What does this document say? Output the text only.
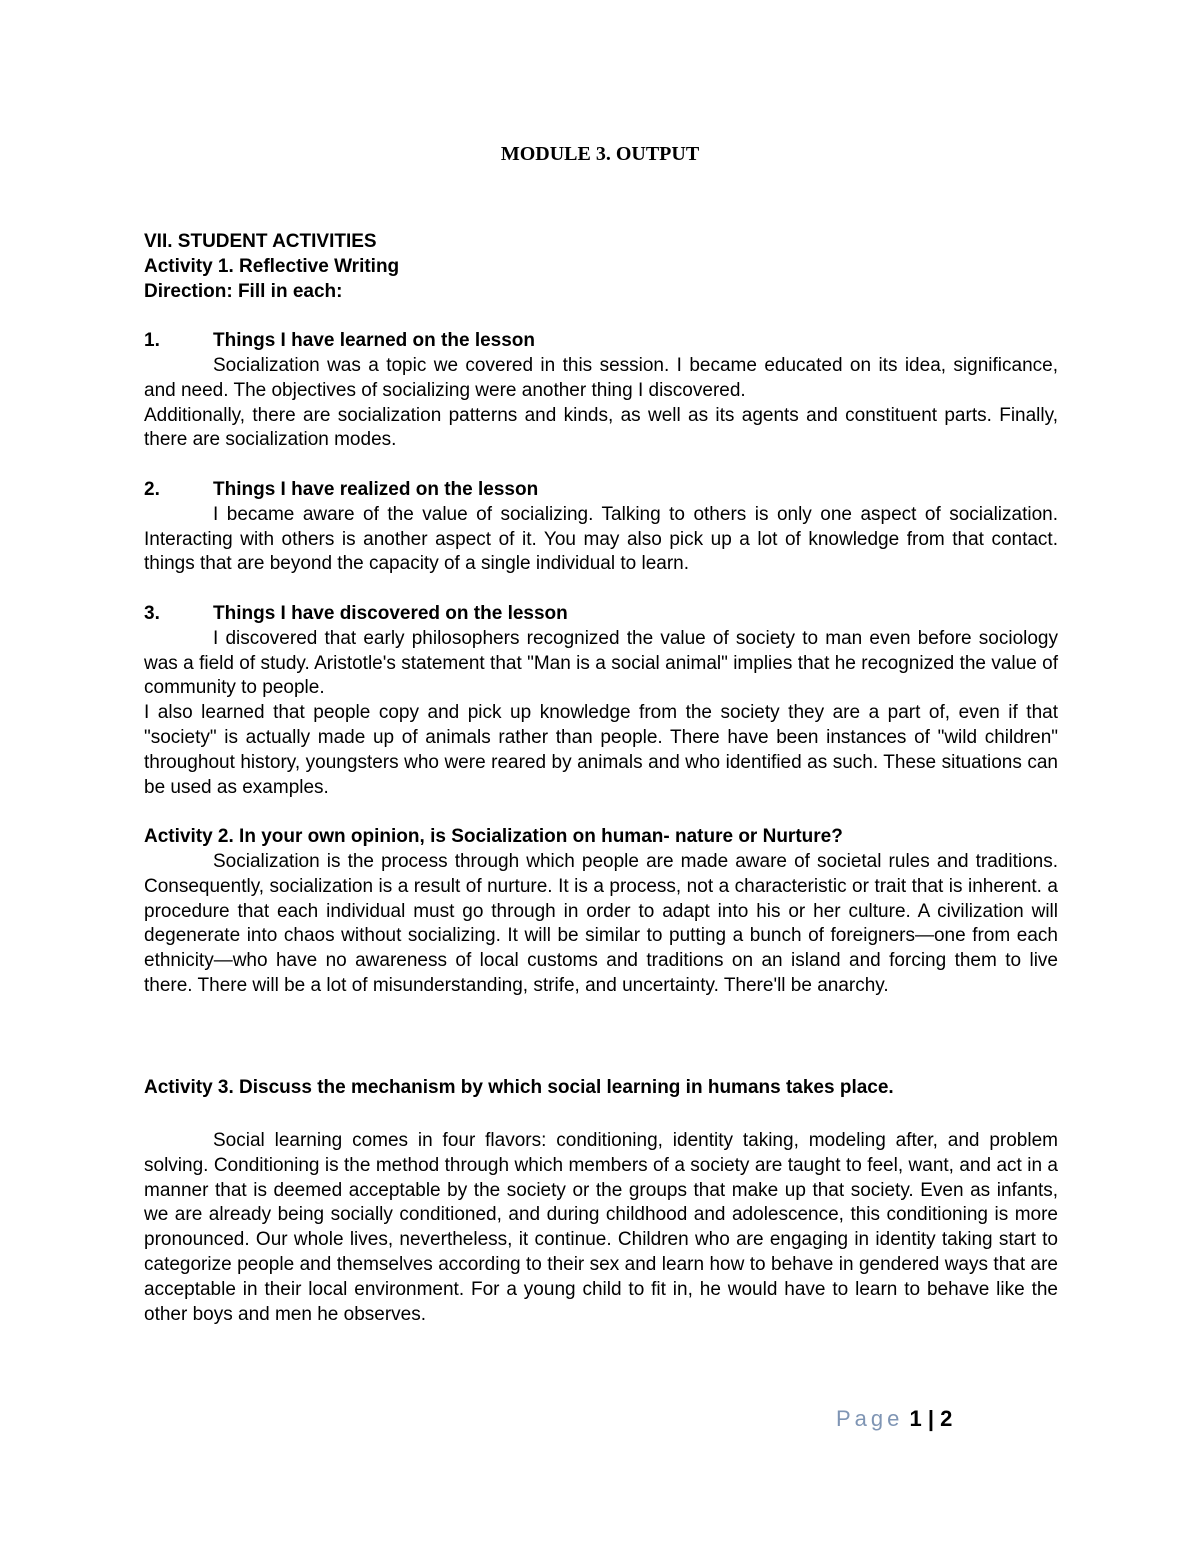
MODULE 3. OUTPUT

VII. STUDENT ACTIVITIES

Activity 1. Reflective Writing

Direction: Fill in each:

1.	Things I have learned on the lesson

Socialization was a topic we covered in this session. I became educated on its idea, significance, and need. The objectives of socializing were another thing I discovered.

Additionally, there are socialization patterns and kinds, as well as its agents and constituent parts. Finally, there are socialization modes.

2.	Things I have realized on the lesson

I became aware of the value of socializing. Talking to others is only one aspect of socialization. Interacting with others is another aspect of it. You may also pick up a lot of knowledge from that contact. things that are beyond the capacity of a single individual to learn.

3.	Things I have discovered on the lesson

I discovered that early philosophers recognized the value of society to man even before sociology was a field of study. Aristotle's statement that "Man is a social animal" implies that he recognized the value of community to people.

I also learned that people copy and pick up knowledge from the society they are a part of, even if that "society" is actually made up of animals rather than people. There have been instances of "wild children" throughout history, youngsters who were reared by animals and who identified as such. These situations can be used as examples.

Activity 2. In your own opinion, is Socialization on human- nature or Nurture?

Socialization is the process through which people are made aware of societal rules and traditions. Consequently, socialization is a result of nurture. It is a process, not a characteristic or trait that is inherent. a procedure that each individual must go through in order to adapt into his or her culture. A civilization will degenerate into chaos without socializing. It will be similar to putting a bunch of foreigners—one from each ethnicity—who have no awareness of local customs and traditions on an island and forcing them to live there. There will be a lot of misunderstanding, strife, and uncertainty. There'll be anarchy.

Activity 3. Discuss the mechanism by which social learning in humans takes place.

Social learning comes in four flavors: conditioning, identity taking, modeling after, and problem solving. Conditioning is the method through which members of a society are taught to feel, want, and act in a manner that is deemed acceptable by the society or the groups that make up that society. Even as infants, we are already being socially conditioned, and during childhood and adolescence, this conditioning is more pronounced. Our whole lives, nevertheless, it continue. Children who are engaging in identity taking start to categorize people and themselves according to their sex and learn how to behave in gendered ways that are acceptable in their local environment. For a young child to fit in, he would have to learn to behave like the other boys and men he observes.

Page 1 | 2
